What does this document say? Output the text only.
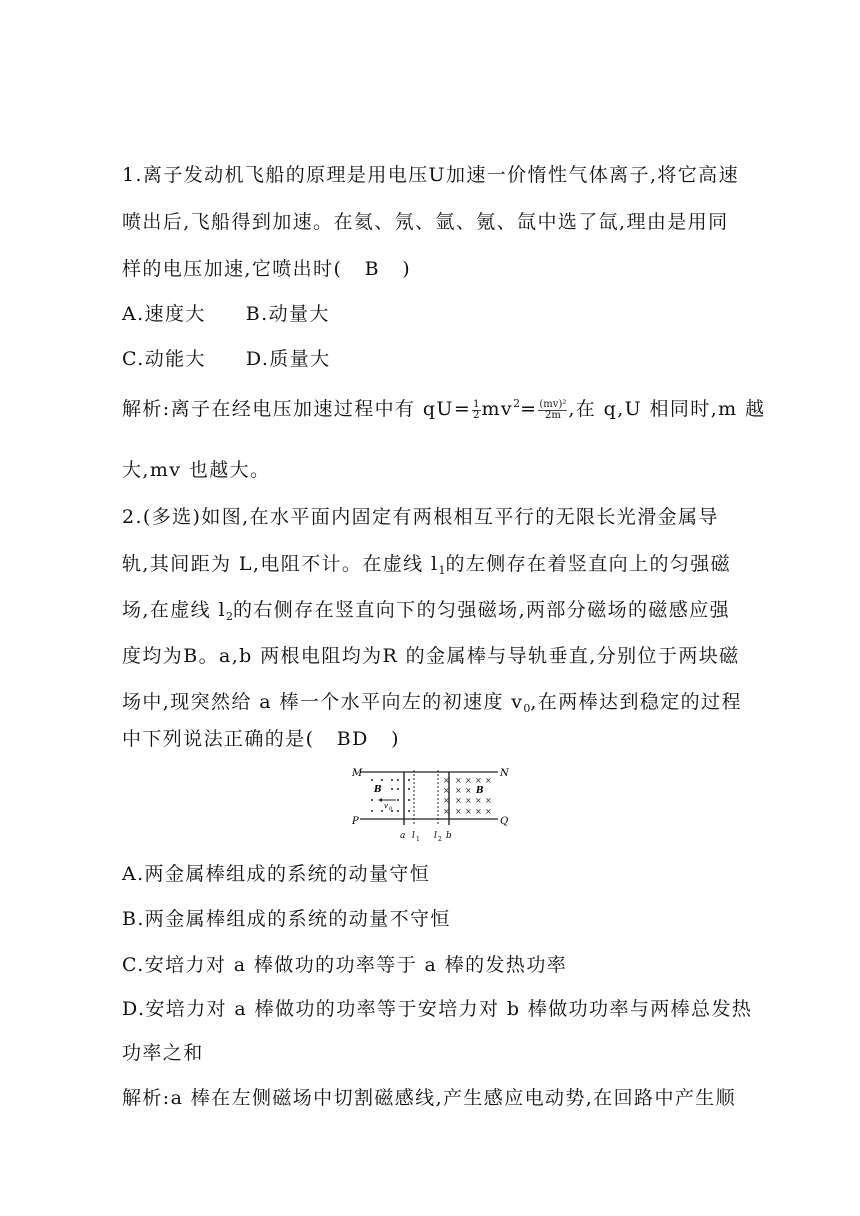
1.离子发动机飞船的原理是用电压U加速一价惰性气体离子,将它高速
喷出后,飞船得到加速。在氦、氖、氩、氪、氙中选了氙,理由是用同
样的电压加速,它喷出时( B )
A.速度大 B.动量大
C.动能大 D.质量大
解析:离子在经电压加速过程中有 $qU= \frac{1}{2} mv^2= \frac{\text{(mv)²}}{2m}$ ,在 q,U 相同时,m 越
大,mv 也越大。
2.(多选)如图,在水平面内固定有两根相互平行的无限长光滑金属导
轨,其间距为 L,电阻不计。在虚线 $l_1$的左侧存在着竖直向上的匀强磁
场,在虚线 $l_2$的右侧存在竖直向下的匀强磁场,两部分磁场的磁感应强
度均为B。a,b 两根电阻均为R 的金属棒与导轨垂直,分别位于两块磁
场中,现突然给 a 棒一个水平向左的初速度 $v_0$,在两棒达到稳定的过程
中下列说法正确的是( BD )
M	N
P	Q
B
v 0
× × × × ×
× × ×
× × × × ×
× × × × ×
B
a l 1 l 2 b
A.两金属棒组成的系统的动量守恒
B.两金属棒组成的系统的动量不守恒
C.安培力对 a 棒做功的功率等于 a 棒的发热功率
D.安培力对 a 棒做功的功率等于安培力对 b 棒做功功率与两棒总发热
功率之和
解析:a 棒在左侧磁场中切割磁感线,产生感应电动势,在回路中产生顺
